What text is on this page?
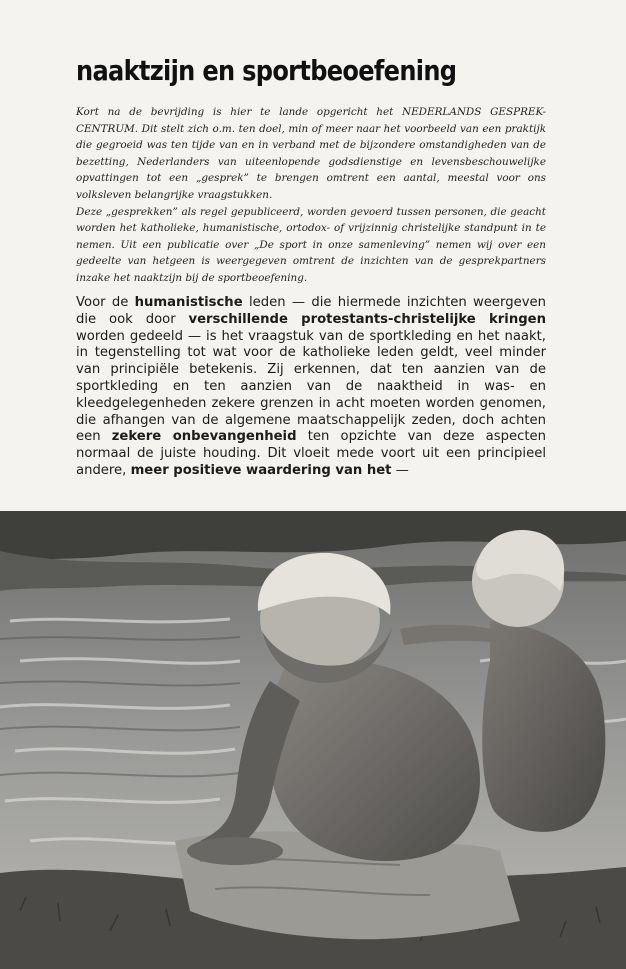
naaktzijn en sportbeoefening

Kort na de bevrijding is hier te lande opgericht het NEDERLANDS GESPREK-CENTRUM. Dit stelt zich o.m. ten doel, min of meer naar het voorbeeld van een praktijk die gegroeid was ten tijde van en in verband met de bijzondere omstandigheden van de bezetting, Nederlanders van uiteenlopende godsdienstige en levensbeschouwelijke opvattingen tot een „gesprek” te brengen omtrent een aantal, meestal voor ons volksleven belangrijke vraagstukken.

Deze „gesprekken” als regel gepubliceerd, worden gevoerd tussen personen, die geacht worden het katholieke, humanistische, ortodox- of vrijzinnig christelijke standpunt in te nemen. Uit een publicatie over „De sport in onze samenleving” nemen wij over een gedeelte van hetgeen is weergegeven omtrent de inzichten van de gesprekpartners inzake het naaktzijn bij de sportbeoefening.

Voor de humanistische leden — die hiermede inzichten weergeven die ook door verschillende protestants-christelijke kringen worden gedeeld — is het vraagstuk van de sportkleding en het naakt, in tegenstelling tot wat voor de katholieke leden geldt, veel minder van principiële betekenis. Zij erkennen, dat ten aanzien van de sportkleding en ten aanzien van de naaktheid in was- en kleedgelegenheden zekere grenzen in acht moeten worden genomen, die afhangen van de algemene maatschappelijk zeden, doch achten een zekere onbevangenheid ten opzichte van deze aspecten normaal de juiste houding. Dit vloeit mede voort uit een principieel andere, meer positieve waardering van het —
